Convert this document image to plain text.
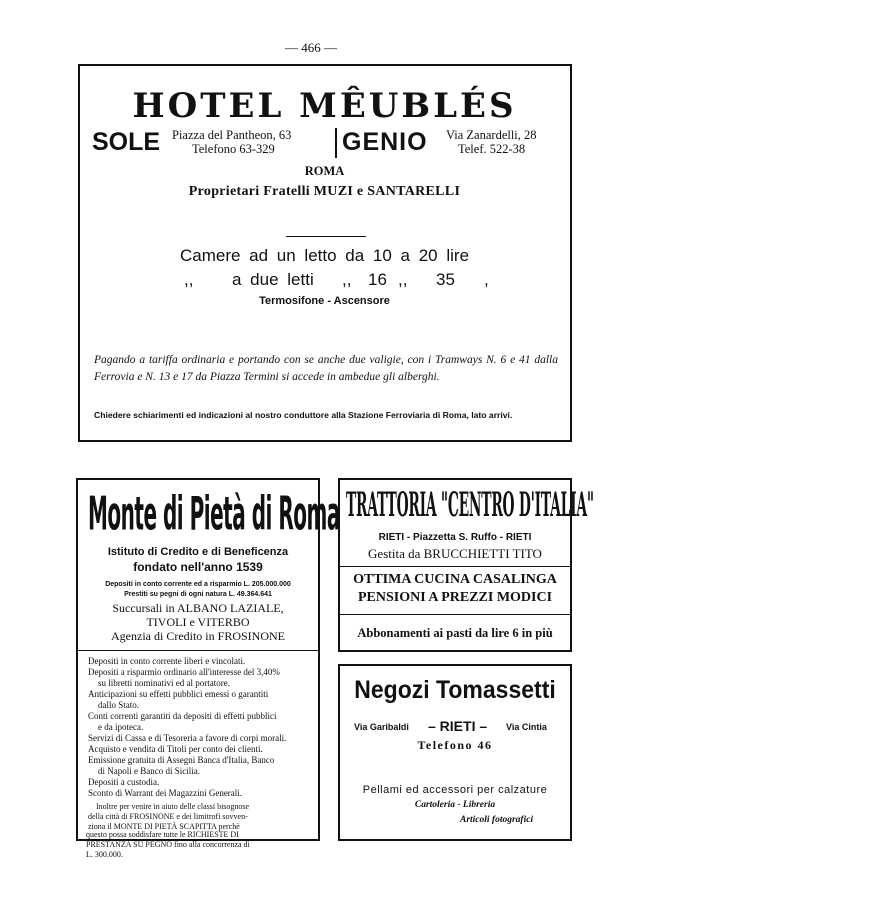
— 466 —
HOTEL MÊUBLÉS
SOLE Piazza del Pantheon, 63
Telefono 63-329	GENIO Via Zanardelli, 28
Telef. 522-38
ROMA
Proprietari Fratelli MUZI e SANTARELLI
Camere ad un letto da 10 a 20 lire
,, a due letti ,, 16 ,, 35 ,
Termosifone - Ascensore
Pagando a tariffa ordinaria e portando con se anche due valigie, con i Tramways N. 6 e 41 dalla Ferrovia e N. 13 e 17 da Piazza Termini si accede in ambedue gli alberghi.
Chiedere schiarimenti ed indicazioni al nostro conduttore alla Stazione Ferroviaria di Roma, lato arrivi.
Monte di Pietà di Roma
Istituto di Credito e di Beneficenza
fondato nell'anno 1539
Depositi in conto corrente ed a risparmio L. 205.000.000
Prestiti su pegni di ogni natura L. 49.364.641
Succursali in ALBANO LAZIALE,
TIVOLI e VITERBO
Agenzia di Credito in FROSINONE
Depositi in conto corrente liberi e vincolati.
Depositi a risparmio ordinario all'interesse del 3,40%
su libretti nominativi ed al portatore.
Anticipazioni su effetti pubblici emessi o garantiti
dallo Stato.
Conti correnti garantiti da depositi di effetti pubblici
e da ipoteca.
Servizi di Cassa e di Tesoreria a favore di corpi morali.
Acquisto e vendita di Titoli per conto dei clienti.
Emissione gratuita di Assegni Banca d'Italia, Banco
di Napoli e Banco di Sicilia.
Depositi a custodia.
Sconto di Warrant dei Magazzini Generali.
Inoltre per venire in aiuto delle classi bisognose
della città di FROSINONE e dei limitrofi sovven-
ziona il MONTE DI PIETÀ SCAPITTA perchè
questo possa soddisfare tutte le RICHIESTE DI
PRESTANZA SU PEGNO fino alla concorrenza di
L. 300.000.
TRATTORIA "CENTRO D'ITALIA"
RIETI - Piazzetta S. Ruffo - RIETI
Gestita da BRUCCHIETTI TITO
OTTIMA CUCINA CASALINGA
PENSIONI A PREZZI MODICI
Abbonamenti ai pasti da lire 6 in più
Negozi Tomassetti
Via Garibaldi – RIETI – Via Cintia
Telefono 46
Pellami ed accessori per calzature
Cartoleria - Libreria
Articoli fotografici
